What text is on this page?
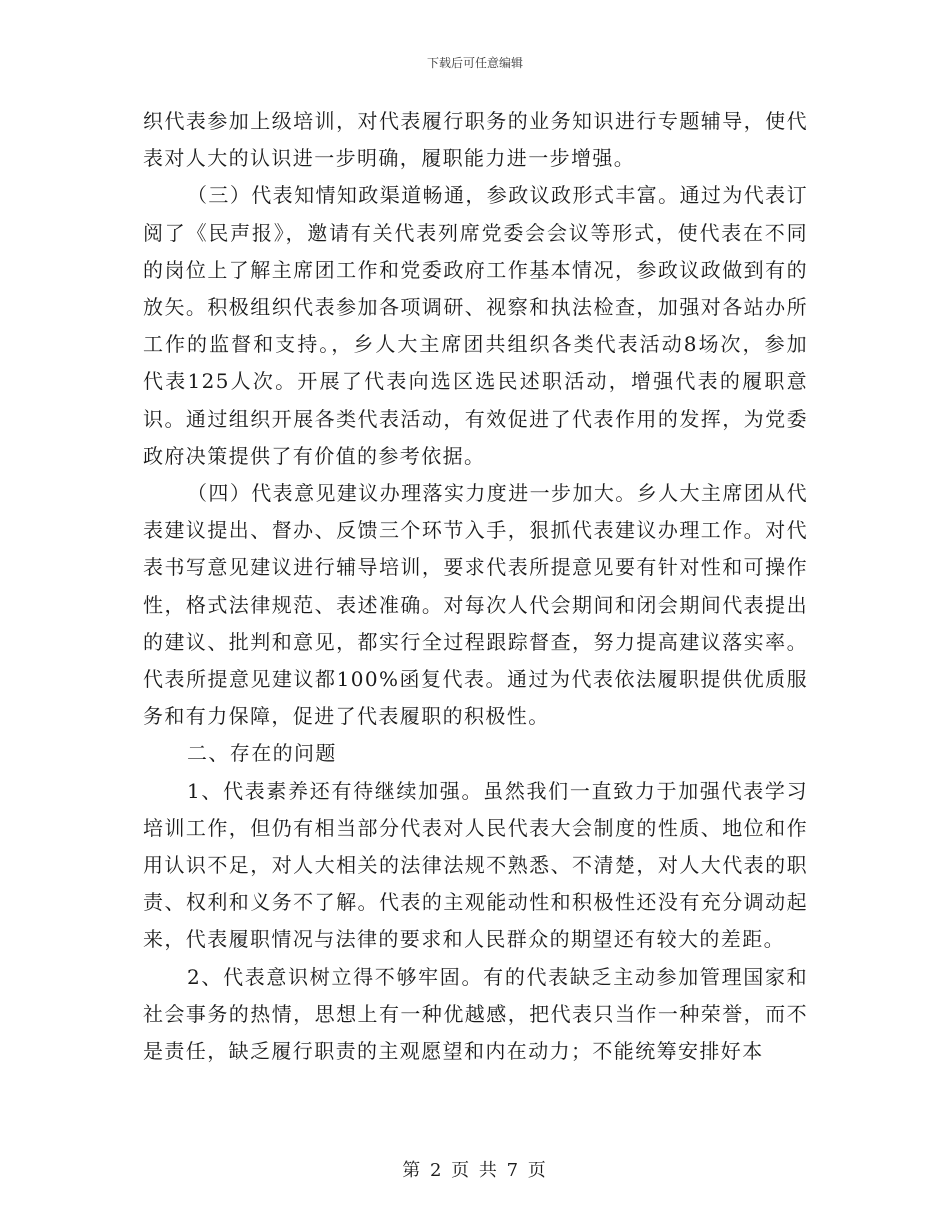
下载后可任意编辑

织代表参加上级培训，对代表履行职务的业务知识进行专题辅导，使代表对人大的认识进一步明确，履职能力进一步增强。

（三）代表知情知政渠道畅通，参政议政形式丰富。通过为代表订阅了《民声报》，邀请有关代表列席党委会会议等形式，使代表在不同的岗位上了解主席团工作和党委政府工作基本情况，参政议政做到有的放矢。积极组织代表参加各项调研、视察和执法检查，加强对各站办所工作的监督和支持。，乡人大主席团共组织各类代表活动8场次，参加代表125人次。开展了代表向选区选民述职活动，增强代表的履职意识。通过组织开展各类代表活动，有效促进了代表作用的发挥，为党委政府决策提供了有价值的参考依据。

（四）代表意见建议办理落实力度进一步加大。乡人大主席团从代表建议提出、督办、反馈三个环节入手，狠抓代表建议办理工作。对代表书写意见建议进行辅导培训，要求代表所提意见要有针对性和可操作性，格式法律规范、表述准确。对每次人代会期间和闭会期间代表提出的建议、批判和意见，都实行全过程跟踪督查，努力提高建议落实率。代表所提意见建议都100%函复代表。通过为代表依法履职提供优质服务和有力保障，促进了代表履职的积极性。

二、存在的问题

1、代表素养还有待继续加强。虽然我们一直致力于加强代表学习培训工作，但仍有相当部分代表对人民代表大会制度的性质、地位和作用认识不足，对人大相关的法律法规不熟悉、不清楚，对人大代表的职责、权利和义务不了解。代表的主观能动性和积极性还没有充分调动起来，代表履职情况与法律的要求和人民群众的期望还有较大的差距。

2、代表意识树立得不够牢固。有的代表缺乏主动参加管理国家和社会事务的热情，思想上有一种优越感，把代表只当作一种荣誉，而不是责任，缺乏履行职责的主观愿望和内在动力；不能统筹安排好本

第 2 页 共 7 页
